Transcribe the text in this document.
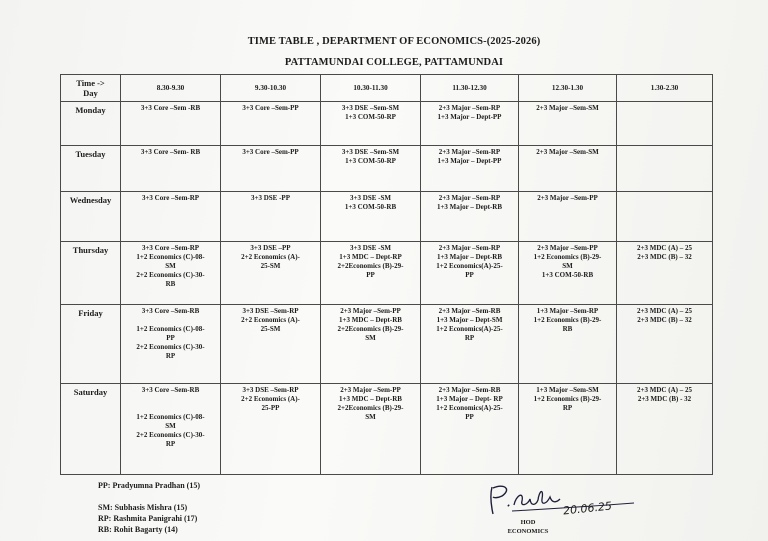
TIME TABLE , DEPARTMENT OF ECONOMICS-(2025-2026)
PATTAMUNDAI COLLEGE, PATTAMUNDAI
Time ->
Day	8.30-9.30	9.30-10.30	10.30-11.30	11.30-12.30	12.30-1.30	1.30-2.30
Monday	3+3 Core –Sem -RB	3+3 Core –Sem-PP	3+3 DSE –Sem-SM
1+3 COM-50-RP	2+3 Major –Sem-RP
1+3 Major – Dept-PP	2+3 Major –Sem-SM	

Tuesday	3+3 Core –Sem- RB	3+3 Core –Sem-PP	3+3 DSE –Sem-SM
1+3 COM-50-RP	2+3 Major –Sem-RP
1+3 Major – Dept-PP	2+3 Major –Sem-SM	

Wednesday	3+3 Core –Sem-RP	3+3 DSE -PP	3+3 DSE -SM
1+3 COM-50-RB	2+3 Major –Sem-RP
1+3 Major – Dept-RB	2+3 Major –Sem-PP	

Thursday	3+3 Core –Sem-RP
1+2 Economics (C)-08-
SM
2+2 Economics (C)-30-
RB	3+3 DSE –PP
2+2 Economics (A)-
25-SM	3+3 DSE -SM
1+3 MDC – Dept-RP
2+2Economics (B)-29-
PP	2+3 Major –Sem-RP
1+3 Major – Dept-RB
1+2 Economics(A)-25-
PP	2+3 Major –Sem-PP
1+2 Economics (B)-29-
SM
1+3 COM-50-RB	2+3 MDC (A) – 25
2+3 MDC (B) – 32

Friday	3+3 Core –Sem-RB
1+2 Economics (C)-08-
PP
2+2 Economics (C)-30-
RP	3+3 DSE –Sem-RP
2+2 Economics (A)-
25-SM	2+3 Major –Sem-PP
1+3 MDC – Dept-RB
2+2Economics (B)-29-
SM	2+3 Major –Sem-RB
1+3 Major – Dept-SM
1+2 Economics(A)-25-
RP	1+3 Major –Sem-RP
1+2 Economics (B)-29-
RB	2+3 MDC (A) – 25
2+3 MDC (B) – 32

Saturday	3+3 Core –Sem-RB
1+2 Economics (C)-08-
SM
2+2 Economics (C)-30-
RP	3+3 DSE –Sem-RP
2+2 Economics (A)-
25-PP	2+3 Major –Sem-PP
1+3 MDC – Dept-RB
2+2Economics (B)-29-
SM	2+3 Major –Sem-RB
1+3 Major – Dept- RP
1+2 Economics(A)-25-
PP	1+3 Major –Sem-SM
1+2 Economics (B)-29-
RP	2+3 MDC (A) – 25
2+3 MDC (B) - 32
PP: Pradyumna Pradhan (15)
SM: Subhasis Mishra (15)
RP: Rashmita Panigrahi (17)
RB: Rohit Bagarty (14)
20.06.25
HOD
ECONOMICS
